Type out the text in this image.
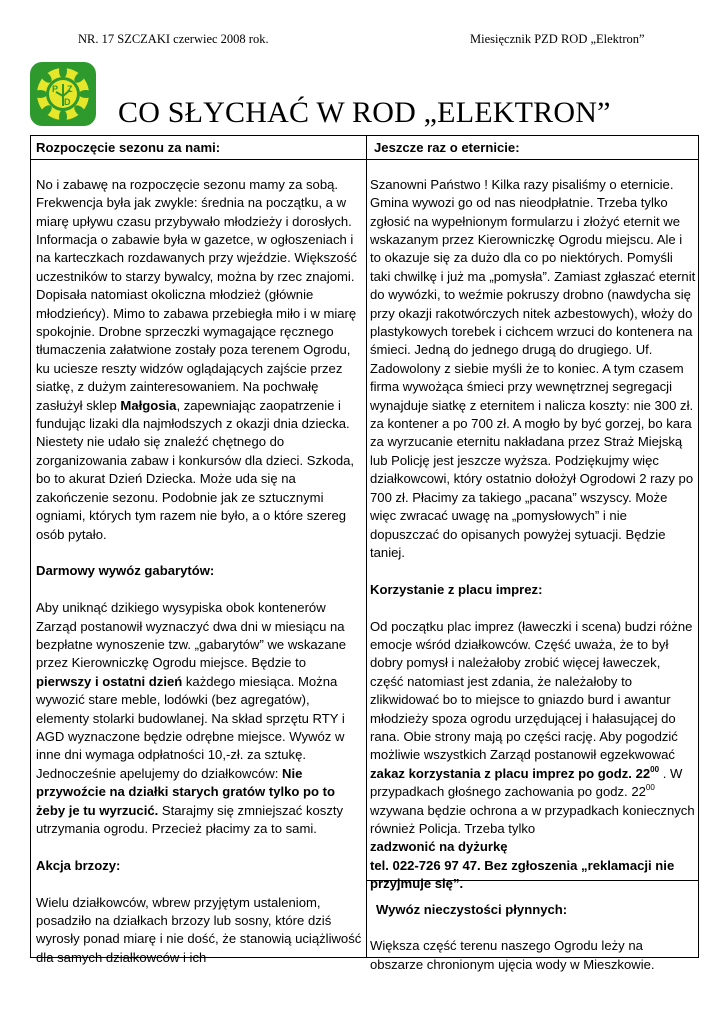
NR. 17 SZCZAKI czerwiec 2008 rok.	Miesięcznik PZD ROD „Elektron”
P Z
D CO SŁYCHAĆ W ROD „ELEKTRON”

Rozpoczęcie sezonu za nami:

No i zabawę na rozpoczęcie sezonu mamy za sobą. Frekwencja była jak zwykle: średnia na początku, a w miarę upływu czasu przybywało młodzieży i dorosłych. Informacja o zabawie była w gazetce, w ogłoszeniach i na karteczkach rozdawanych przy wjeździe. Większość uczestników to starzy bywalcy, można by rzec znajomi. Dopisała natomiast okoliczna młodzież (głównie młodzieńcy). Mimo to zabawa przebiegła miło i w miarę spokojnie. Drobne sprzeczki wymagające ręcznego tłumaczenia załatwione zostały poza terenem Ogrodu, ku uciesze reszty widzów oglądających zajście przez siatkę, z dużym zainteresowaniem. Na pochwałę zasłużył sklep Małgosia, zapewniając zaopatrzenie i fundując lizaki dla najmłodszych z okazji dnia dziecka. Niestety nie udało się znaleźć chętnego do zorganizowania zabaw i konkursów dla dzieci. Szkoda, bo to akurat Dzień Dziecka. Może uda się na zakończenie sezonu. Podobnie jak ze sztucznymi ogniami, których tym razem nie było, a o które szereg osób pytało.

Darmowy wywóz gabarytów:

Aby uniknąć dzikiego wysypiska obok kontenerów Zarząd postanowił wyznaczyć dwa dni w miesiącu na bezpłatne wynoszenie tzw. „gabarytów” we wskazane przez Kierowniczkę Ogrodu miejsce. Będzie to pierwszy i ostatni dzień każdego miesiąca. Można wywozić stare meble, lodówki (bez agregatów), elementy stolarki budowlanej. Na skład sprzętu RTY i AGD wyznaczone będzie odrębne miejsce. Wywóz w inne dni wymaga odpłatności 10,-zł. za sztukę. Jednocześnie apelujemy do działkowców: Nie przywoźcie na działki starych gratów tylko po to żeby je tu wyrzucić. Starajmy się zmniejszać koszty utrzymania ogrodu. Przecież płacimy za to sami.

Akcja brzozy:

Wielu działkowców, wbrew przyjętym ustaleniom, posadziło na działkach brzozy lub sosny, które dziś wyrosły ponad miarę i nie dość, że stanowią uciążliwość dla samych działkowców i ich

Jeszcze raz o eternicie:

Szanowni Państwo ! Kilka razy pisaliśmy o eternicie. Gmina wywozi go od nas nieodpłatnie. Trzeba tylko zgłosić na wypełnionym formularzu i złożyć eternit we wskazanym przez Kierowniczkę Ogrodu miejscu. Ale i to okazuje się za dużo dla co po niektórych. Pomyśli taki chwilkę i już ma „pomysła”. Zamiast zgłaszać eternit do wywózki, to weźmie pokruszy drobno (nawdycha się przy okazji rakotwórczych nitek azbestowych), włoży do plastykowych torebek i cichcem wrzuci do kontenera na śmieci. Jedną do jednego drugą do drugiego. Uf. Zadowolony z siebie myśli że to koniec. A tym czasem firma wywożąca śmieci przy wewnętrznej segregacji wynajduje siatkę z eternitem i nalicza koszty: nie 300 zł. za kontener a po 700 zł. A mogło by być gorzej, bo kara za wyrzucanie eternitu nakładana przez Straż Miejską lub Policję jest jeszcze wyższa. Podziękujmy więc działkowcowi, który ostatnio dołożył Ogrodowi 2 razy po 700 zł. Płacimy za takiego „pacana” wszyscy. Może więc zwracać uwagę na „pomysłowych” i nie dopuszczać do opisanych powyżej sytuacji. Będzie taniej.

Korzystanie z placu imprez:

Od początku plac imprez (ławeczki i scena) budzi różne emocje wśród działkowców. Część uważa, że to był dobry pomysł i należałoby zrobić więcej ławeczek, część natomiast jest zdania, że należałoby to zlikwidować bo to miejsce to gniazdo burd i awantur młodzieży spoza ogrodu urzędującej i hałasującej do rana. Obie strony mają po części rację. Aby pogodzić możliwie wszystkich Zarząd postanowił egzekwować zakaz korzystania z placu imprez po godz. $22^{00}$ . W przypadkach głośnego zachowania po godz. $22^{00}$ wzywana będzie ochrona a w przypadkach koniecznych również Policja. Trzeba tylko
zadzwonić na dyżurkę
tel. 022-726 97 47. Bez zgłoszenia „reklamacji nie przyjmuje się”.

Wywóz nieczystości płynnych:

Większa część terenu naszego Ogrodu leży na obszarze chronionym ujęcia wody w Mieszkowie.
